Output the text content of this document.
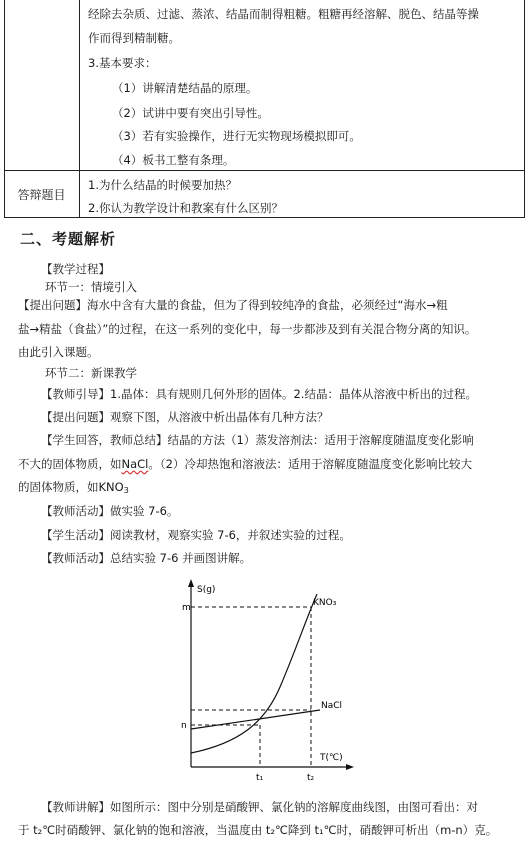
经除去杂质、过滤、蒸浓、结晶而制得粗糖。粗糖再经溶解、脱色、结晶等操
作而得到精制糖。
3.基本要求：
（1）讲解清楚结晶的原理。
（2）试讲中要有突出引导性。
（3）若有实验操作，进行无实物现场模拟即可。
（4）板书工整有条理。
答辩题目
1.为什么结晶的时候要加热？
2.你认为教学设计和教案有什么区别？
二、考题解析
【教学过程】
环节一：情境引入
【提出问题】海水中含有大量的食盐，但为了得到较纯净的食盐，必须经过“海水→粗
盐→精盐（食盐）”的过程，在这一系列的变化中，每一步都涉及到有关混合物分离的知识。
由此引入课题。
环节二：新课教学
【教师引导】1.晶体：具有规则几何外形的固体。2.结晶：晶体从溶液中析出的过程。
【提出问题】观察下图，从溶液中析出晶体有几种方法？
【学生回答，教师总结】结晶的方法（1）蒸发溶剂法：适用于溶解度随温度变化影响
不大的固体物质，如NaCl。（2）冷却热饱和溶液法：适用于溶解度随温度变化影响比较大
的固体物质，如$KNO_3$
【教师活动】做实验 7-6。
【学生活动】阅读教材，观察实验 7-6，并叙述实验的过程。
【教师活动】总结实验 7-6 并画图讲解。
S(g)
T(℃)
KNO₃
NaCl
m
n
t₁	t₂
【教师讲解】如图所示：图中分别是硝酸钾、氯化钠的溶解度曲线图，由图可看出：对
于 t₂℃时硝酸钾、氯化钠的饱和溶液，当温度由 t₂℃降到 t₁℃时，硝酸钾可析出（m-n）克。
